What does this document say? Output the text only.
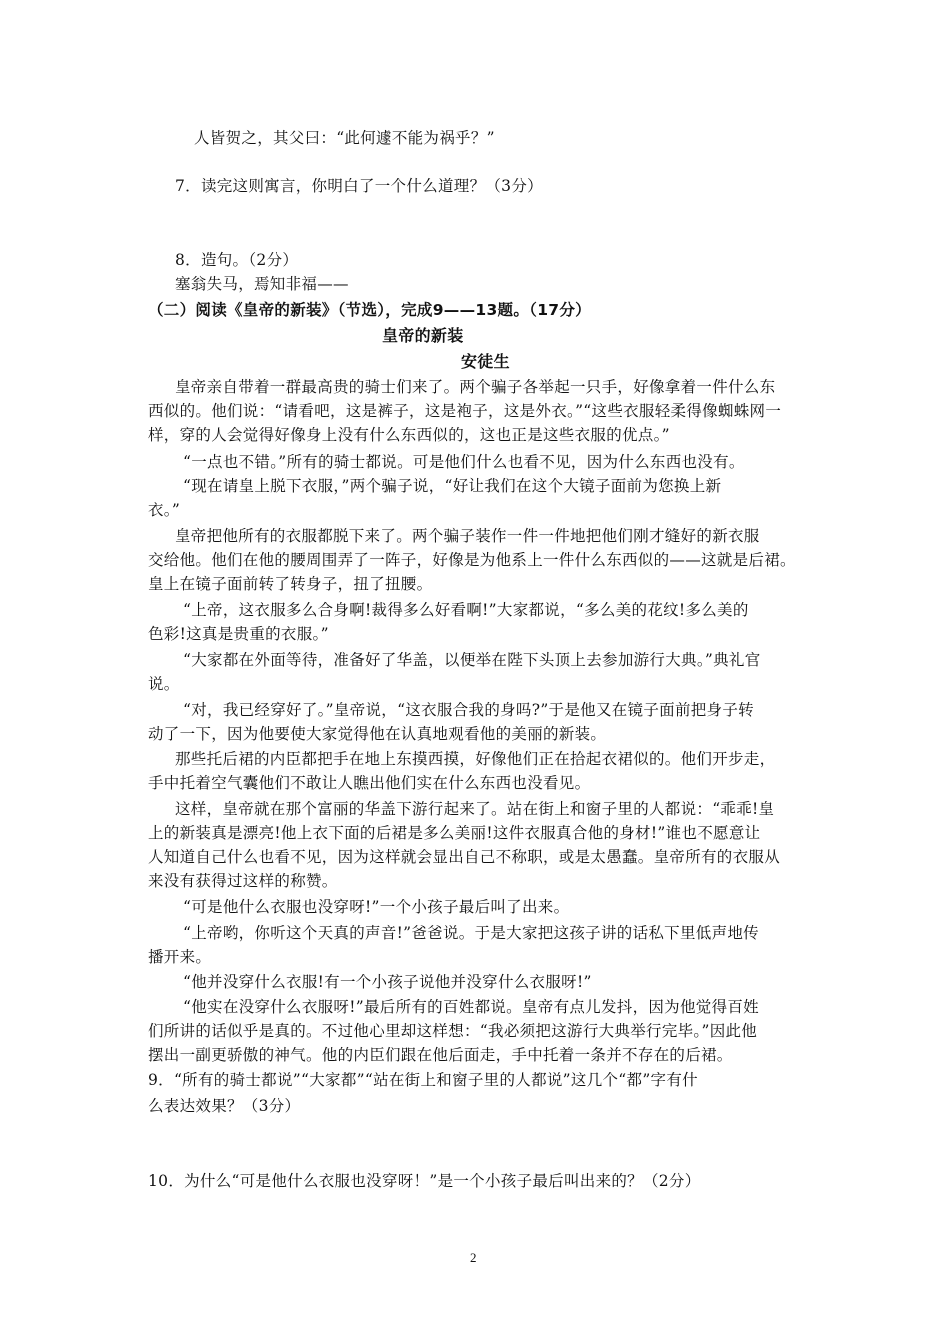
人皆贺之，其父曰：“此何遽不能为祸乎？”
7．读完这则寓言，你明白了一个什么道理？（3分）
8．造句。（2分）
塞翁失马，焉知非福——
（二）阅读《皇帝的新装》（节选），完成9——13题。（17分）
皇帝的新装
安徒生
皇帝亲自带着一群最高贵的骑士们来了。两个骗子各举起一只手，好像拿着一件什么东
西似的。他们说：“请看吧，这是裤子，这是袍子，这是外衣。”“这些衣服轻柔得像蜘蛛网一
样，穿的人会觉得好像身上没有什么东西似的，这也正是这些衣服的优点。”
“一点也不错。”所有的骑士都说。可是他们什么也看不见，因为什么东西也没有。
“现在请皇上脱下衣服，”两个骗子说，“好让我们在这个大镜子面前为您换上新
衣。”
皇帝把他所有的衣服都脱下来了。两个骗子装作一件一件地把他们刚才缝好的新衣服
交给他。他们在他的腰周围弄了一阵子，好像是为他系上一件什么东西似的——这就是后裙。
皇上在镜子面前转了转身子，扭了扭腰。
“上帝，这衣服多么合身啊!裁得多么好看啊!”大家都说，“多么美的花纹!多么美的
色彩!这真是贵重的衣服。”
“大家都在外面等待，准备好了华盖，以便举在陛下头顶上去参加游行大典。”典礼官
说。
“对，我已经穿好了。”皇帝说，“这衣服合我的身吗?”于是他又在镜子面前把身子转
动了一下，因为他要使大家觉得他在认真地观看他的美丽的新装。
那些托后裙的内臣都把手在地上东摸西摸，好像他们正在拾起衣裙似的。他们开步走，
手中托着空气囊他们不敢让人瞧出他们实在什么东西也没看见。
这样，皇帝就在那个富丽的华盖下游行起来了。站在街上和窗子里的人都说：“乖乖!皇
上的新装真是漂亮!他上衣下面的后裙是多么美丽!这件衣服真合他的身材!”谁也不愿意让
人知道自己什么也看不见，因为这样就会显出自己不称职，或是太愚蠢。皇帝所有的衣服从
来没有获得过这样的称赞。
“可是他什么衣服也没穿呀!”一个小孩子最后叫了出来。
“上帝哟，你听这个天真的声音!”爸爸说。于是大家把这孩子讲的话私下里低声地传
播开来。
“他并没穿什么衣服!有一个小孩子说他并没穿什么衣服呀!”
“他实在没穿什么衣服呀!”最后所有的百姓都说。皇帝有点儿发抖，因为他觉得百姓
们所讲的话似乎是真的。不过他心里却这样想：“我必须把这游行大典举行完毕。”因此他
摆出一副更骄傲的神气。他的内臣们跟在他后面走，手中托着一条并不存在的后裙。
9．“所有的骑士都说”“大家都”“站在街上和窗子里的人都说”这几个“都”字有什
么表达效果？（3分）
10．为什么“可是他什么衣服也没穿呀！”是一个小孩子最后叫出来的？（2分）
2
